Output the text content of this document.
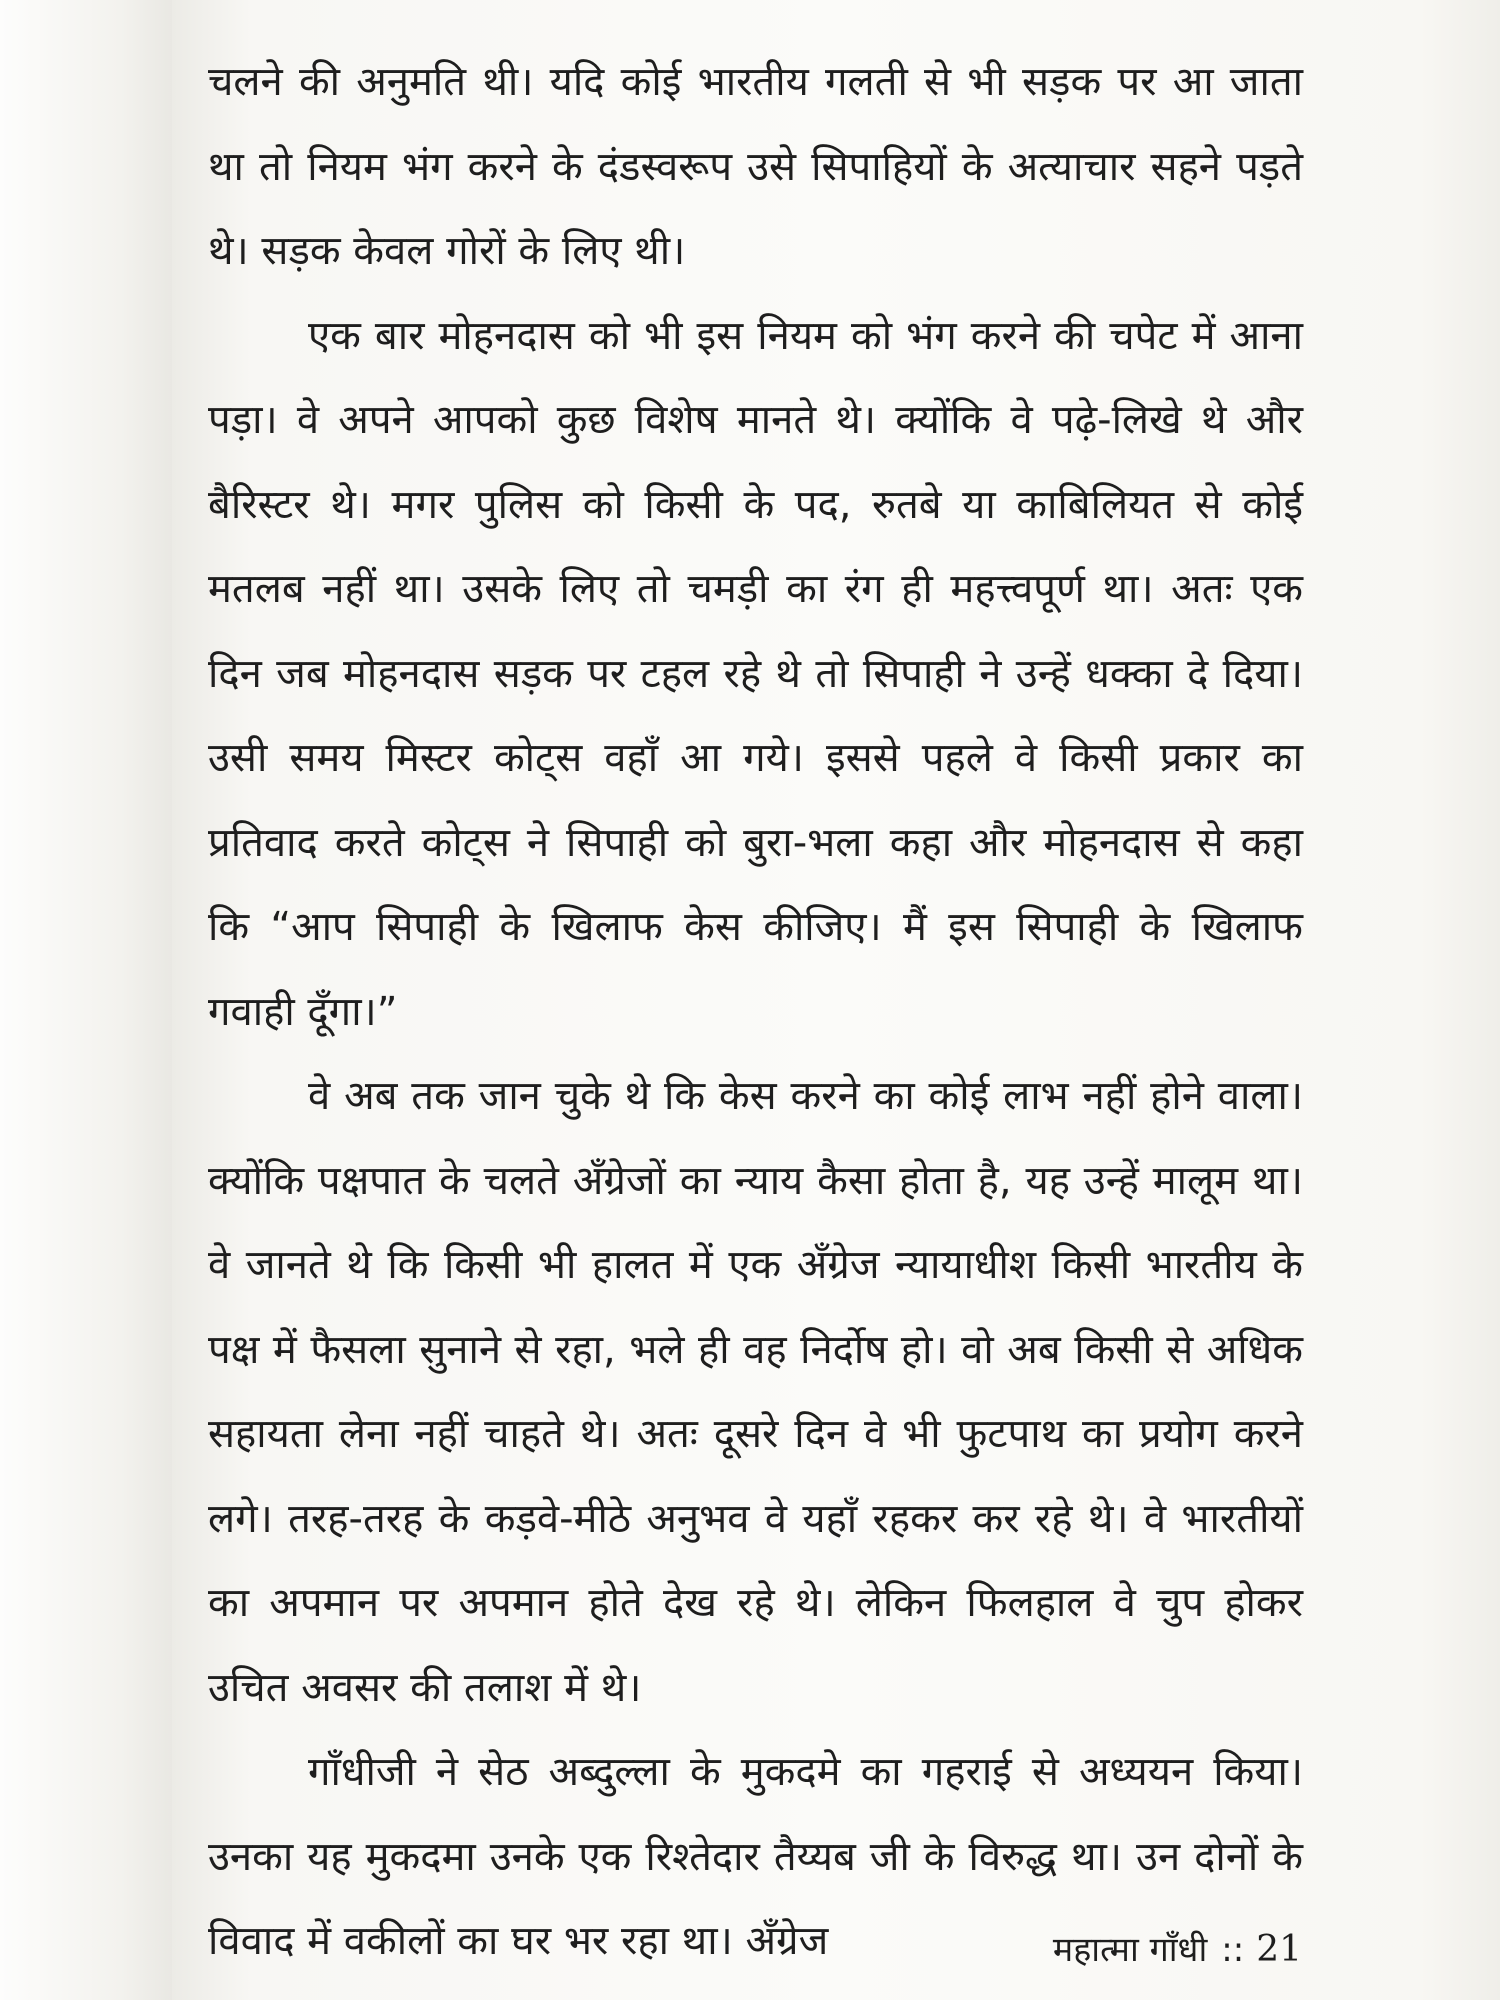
चलने की अनुमति थी। यदि कोई भारतीय गलती से भी सड़क पर आ जाता था तो नियम भंग करने के दंडस्वरूप उसे सिपाहियों के अत्याचार सहने पड़ते थे। सड़क केवल गोरों के लिए थी।

एक बार मोहनदास को भी इस नियम को भंग करने की चपेट में आना पड़ा। वे अपने आपको कुछ विशेष मानते थे। क्योंकि वे पढ़े-लिखे थे और बैरिस्टर थे। मगर पुलिस को किसी के पद, रुतबे या काबिलियत से कोई मतलब नहीं था। उसके लिए तो चमड़ी का रंग ही महत्त्वपूर्ण था। अतः एक दिन जब मोहनदास सड़क पर टहल रहे थे तो सिपाही ने उन्हें धक्का दे दिया। उसी समय मिस्टर कोट्स वहाँ आ गये। इससे पहले वे किसी प्रकार का प्रतिवाद करते कोट्स ने सिपाही को बुरा-भला कहा और मोहनदास से कहा कि “आप सिपाही के खिलाफ केस कीजिए। मैं इस सिपाही के खिलाफ गवाही दूँगा।”

वे अब तक जान चुके थे कि केस करने का कोई लाभ नहीं होने वाला। क्योंकि पक्षपात के चलते अँग्रेजों का न्याय कैसा होता है, यह उन्हें मालूम था। वे जानते थे कि किसी भी हालत में एक अँग्रेज न्यायाधीश किसी भारतीय के पक्ष में फैसला सुनाने से रहा, भले ही वह निर्दोष हो। वो अब किसी से अधिक सहायता लेना नहीं चाहते थे। अतः दूसरे दिन वे भी फुटपाथ का प्रयोग करने लगे। तरह-तरह के कड़वे-मीठे अनुभव वे यहाँ रहकर कर रहे थे। वे भारतीयों का अपमान पर अपमान होते देख रहे थे। लेकिन फिलहाल वे चुप होकर उचित अवसर की तलाश में थे।

गाँधीजी ने सेठ अब्दुल्ला के मुकदमे का गहराई से अध्ययन किया। उनका यह मुकदमा उनके एक रिश्तेदार तैय्यब जी के विरुद्ध था। उन दोनों के विवाद में वकीलों का घर भर रहा था। अँग्रेज	महात्मा गाँधी :: 21
